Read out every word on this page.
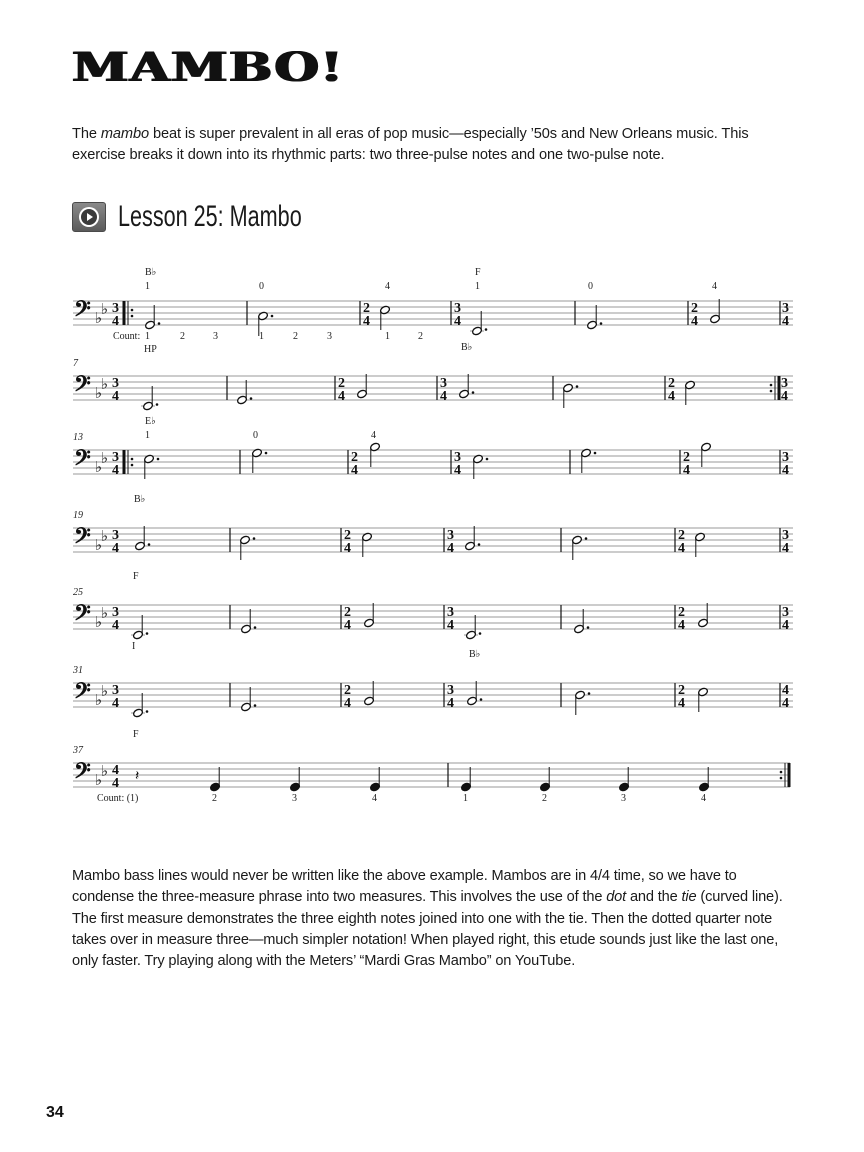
MAMBO!
The mambo beat is super prevalent in all eras of pop music—especially ’50s and New Orleans music. This exercise breaks it down into its rhythmic parts: two three-pulse notes and one two-pulse note.
Lesson 25: Mambo
𝄢 ♭
♭ 3
4
B♭
1	0	4
F
1	0	4
HP
Count: 1	2	3	1	2	3	1	2
2
4
3
4
2
4
3
4
𝄢 ♭
♭ 3
4
7
B♭
2
4
3
4
2
4
3
4
𝄢 ♭
♭ 3
4
13
E♭
1	0	4
2
4
3
4
2
4
3
4
𝄢 ♭
♭ 3
4
19
B♭
2
4
3
4
2
4
3
4
𝄢 ♭
♭ 3
4
25
F
I
2
4
3
4
2
4
3
4
𝄢 ♭
♭ 3
4
31
B♭
2
4
3
4
2
4
4
4
𝄢 ♭
♭ 4
4
37
F
Count: (1)	2	3	4	1	2	3	4
𝄽
Mambo bass lines would never be written like the above example. Mambos are in 4/4 time, so we have to condense the three-measure phrase into two measures. This involves the use of the dot and the tie (curved line). The first measure demonstrates the three eighth notes joined into one with the tie. Then the dotted quarter note takes over in measure three—much simpler notation! When played right, this etude sounds just like the last one, only faster. Try playing along with the Meters’ “Mardi Gras Mambo” on YouTube.
34
